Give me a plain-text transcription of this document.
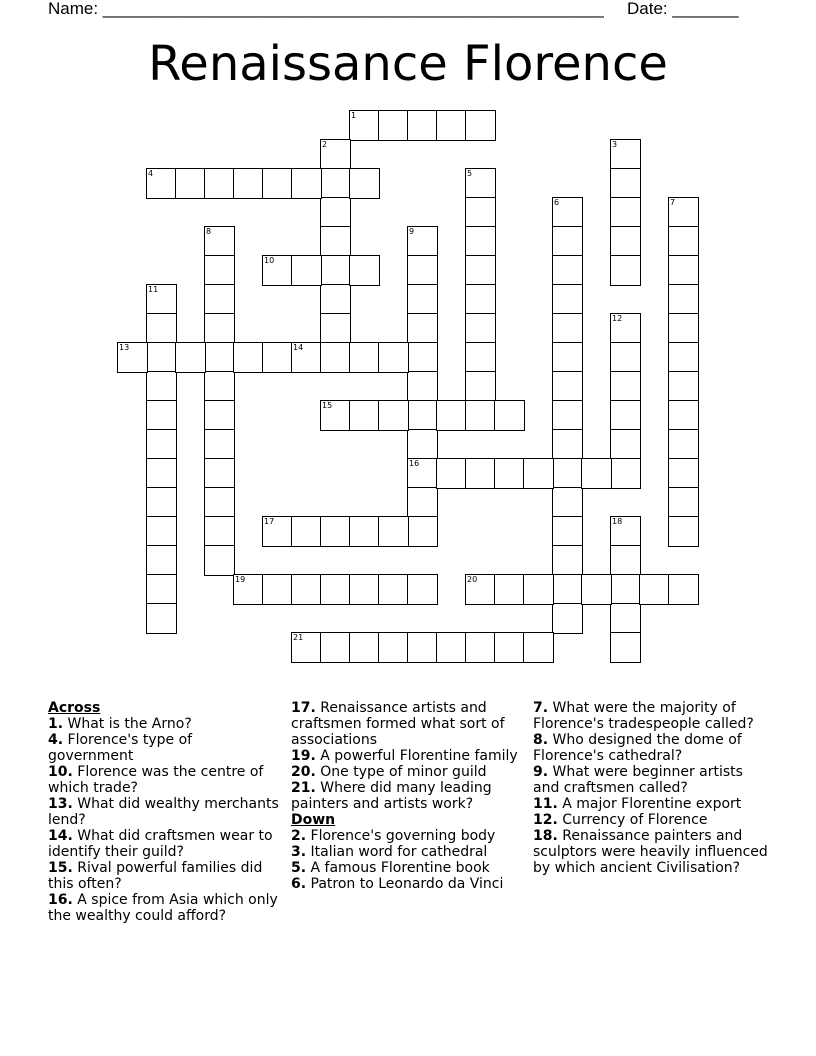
Name: _____________________________________________________ Date: _______
Renaissance Florence
1
2	3
4	5
6	7
8	9
16
10
11
12
13	14
15
17	18
19	20
21
Across
1. What is the Arno?
4. Florence's type of government
10. Florence was the centre of which trade?
13. What did wealthy merchants lend?
14. What did craftsmen wear to identify their guild?
15. Rival powerful families did this often?
16. A spice from Asia which only the wealthy could afford?
17. Renaissance artists and craftsmen formed what sort of associations
19. A powerful Florentine family
20. One type of minor guild
21. Where did many leading painters and artists work?
Down
2. Florence's governing body
3. Italian word for cathedral
5. A famous Florentine book
6. Patron to Leonardo da Vinci
7. What were the majority of Florence's tradespeople called?
8. Who designed the dome of Florence's cathedral?
9. What were beginner artists and craftsmen called?
11. A major Florentine export
12. Currency of Florence
18. Renaissance painters and sculptors were heavily influenced by which ancient Civilisation?
